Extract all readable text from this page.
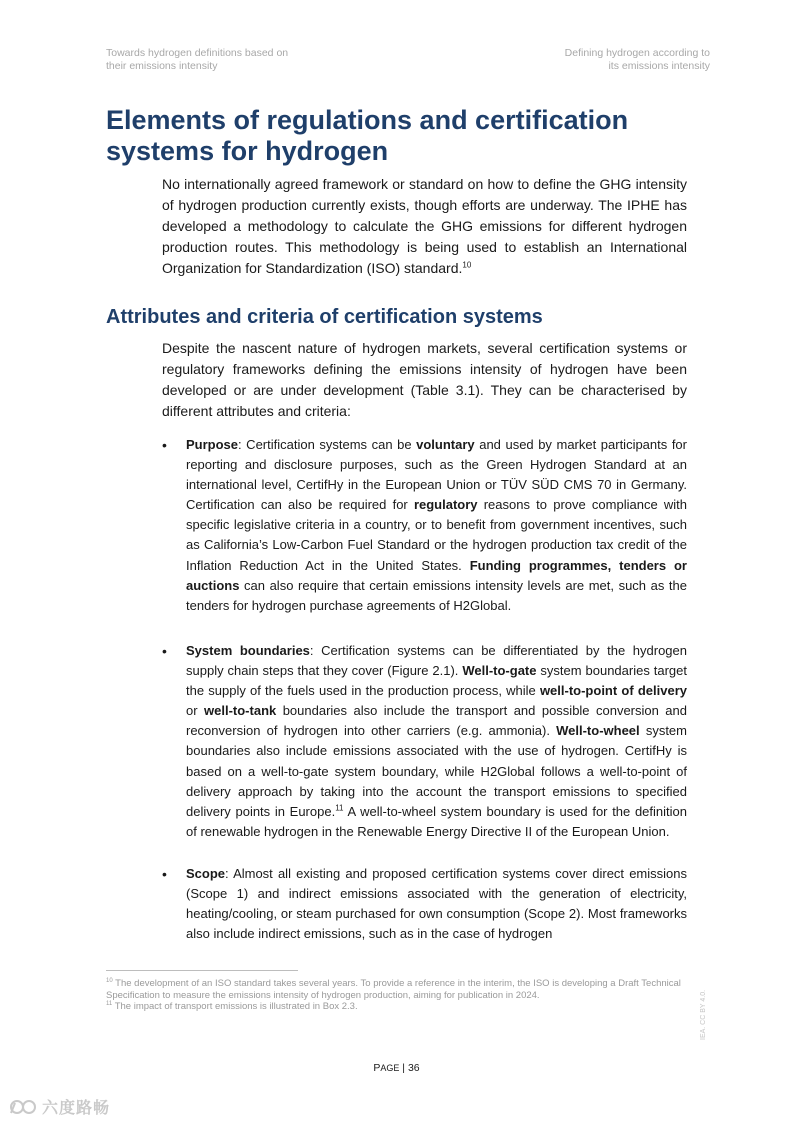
Towards hydrogen definitions based on
their emissions intensity
Defining hydrogen according to
its emissions intensity
Elements of regulations and certification
systems for hydrogen

No internationally agreed framework or standard on how to define the GHG intensity of hydrogen production currently exists, though efforts are underway. The IPHE has developed a methodology to calculate the GHG emissions for different hydrogen production routes. This methodology is being used to establish an International Organization for Standardization (ISO) standard.$^{10}$

Attributes and criteria of certification systems

Despite the nascent nature of hydrogen markets, several certification systems or regulatory frameworks defining the emissions intensity of hydrogen have been developed or are under development (Table 3.1). They can be characterised by different attributes and criteria:

• Purpose: Certification systems can be voluntary and used by market participants for reporting and disclosure purposes, such as the Green Hydrogen Standard at an international level, CertifHy in the European Union or TÜV SÜD CMS 70 in Germany. Certification can also be required for regulatory reasons to prove compliance with specific legislative criteria in a country, or to benefit from government incentives, such as California’s Low-Carbon Fuel Standard or the hydrogen production tax credit of the Inflation Reduction Act in the United States. Funding programmes, tenders or auctions can also require that certain emissions intensity levels are met, such as the tenders for hydrogen purchase agreements of H2Global.
• System boundaries: Certification systems can be differentiated by the hydrogen supply chain steps that they cover (Figure 2.1). Well-to-gate system boundaries target the supply of the fuels used in the production process, while well-to-point of delivery or well-to-tank boundaries also include the transport and possible conversion and reconversion of hydrogen into other carriers (e.g. ammonia). Well-to-wheel system boundaries also include emissions associated with the use of hydrogen. CertifHy is based on a well-to-gate system boundary, while H2Global follows a well-to-point of delivery approach by taking into the account the transport emissions to specified delivery points in Europe.$^{11}$ A well-to-wheel system boundary is used for the definition of renewable hydrogen in the Renewable Energy Directive II of the European Union.
• Scope: Almost all existing and proposed certification systems cover direct emissions (Scope 1) and indirect emissions associated with the generation of electricity, heating/cooling, or steam purchased for own consumption (Scope 2). Most frameworks also include indirect emissions, such as in the case of hydrogen

$^{10}$ The development of an ISO standard takes several years. To provide a reference in the interim, the ISO is developing a Draft Technical Specification to measure the emissions intensity of hydrogen production, aiming for publication in 2024.

$^{11}$ The impact of transport emissions is illustrated in Box 2.3.

PAGE | 36
IEA. CC BY 4.0.
六度路畅
